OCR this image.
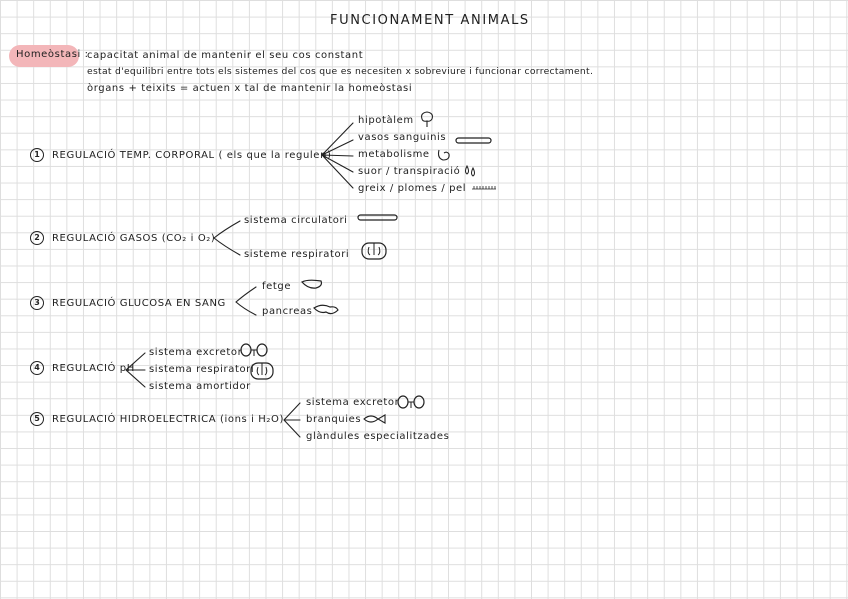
FUNCIONAMENT ANIMALS
Homeòstasi :
capacitat animal de mantenir el seu cos constant
estat d'equilibri entre tots els sistemes del cos que es necesiten x sobreviure i funcionar correctament.
òrgans + teixits = actuen x tal de mantenir la homeòstasi
1	REGULACIÓ TEMP. CORPORAL ( els que la regulen)
hipotàlem
vasos sanguinis
metabolisme
suor / transpiració
greix / plomes / pel
2	REGULACIÓ GASOS (CO₂ i O₂)
sistema circulatori
sisteme respiratori
3	REGULACIÓ GLUCOSA EN SANG
fetge
pancreas
4	REGULACIÓ pH
sistema excretor
sistema respiratori
sistema amortidor
5	REGULACIÓ HIDROELECTRICA (ions i H₂O)
sistema excretor
branquies
glàndules especialitzades
